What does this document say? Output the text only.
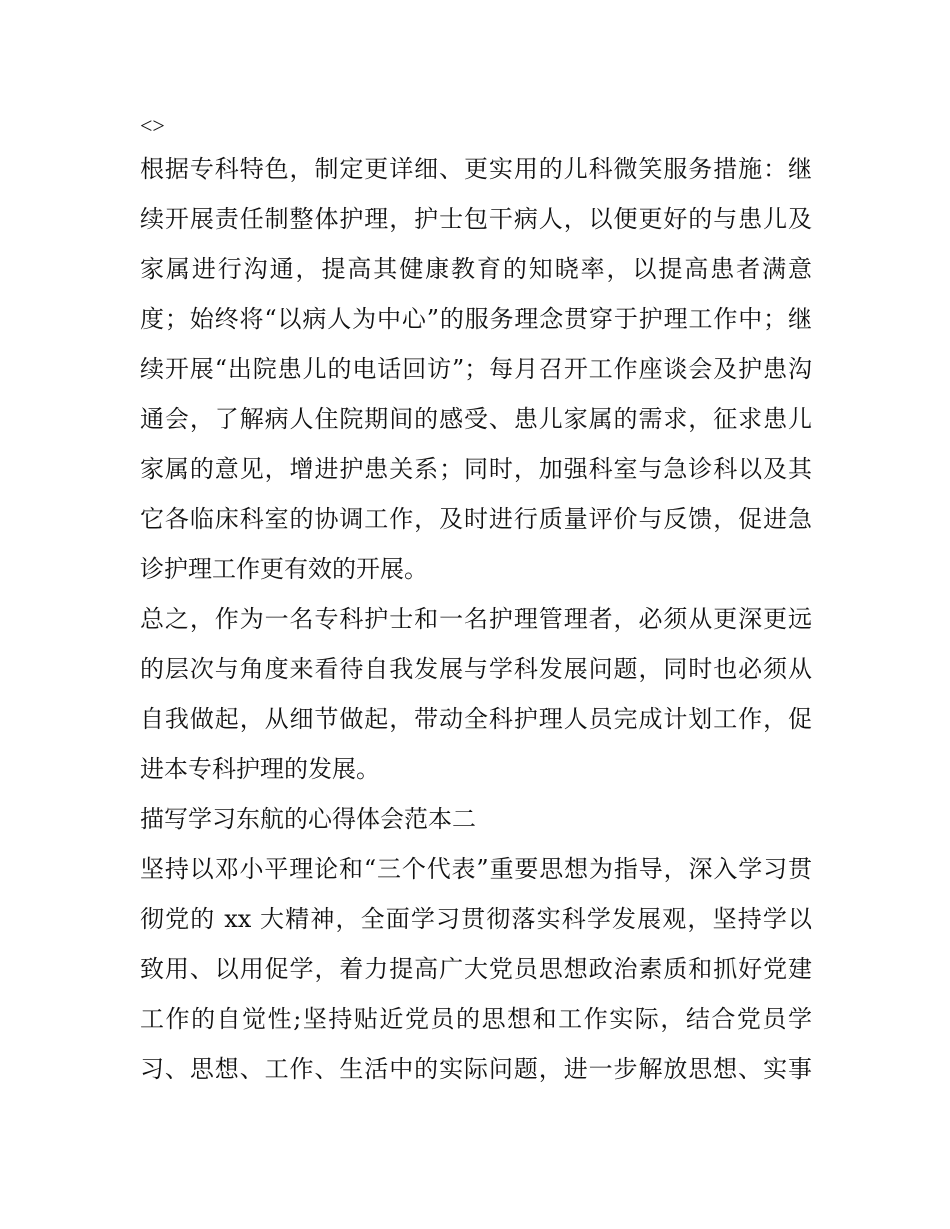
<>
根据专科特色，制定更详细、更实用的儿科微笑服务措施：继
续开展责任制整体护理，护士包干病人，以便更好的与患儿及
家属进行沟通，提高其健康教育的知晓率，以提高患者满意
度；始终将“以病人为中心”的服务理念贯穿于护理工作中；继
续开展“出院患儿的电话回访”；每月召开工作座谈会及护患沟
通会，了解病人住院期间的感受、患儿家属的需求，征求患儿
家属的意见，增进护患关系；同时，加强科室与急诊科以及其
它各临床科室的协调工作，及时进行质量评价与反馈，促进急
诊护理工作更有效的开展。
总之，作为一名专科护士和一名护理管理者，必须从更深更远
的层次与角度来看待自我发展与学科发展问题，同时也必须从
自我做起，从细节做起，带动全科护理人员完成计划工作，促
进本专科护理的发展。
描写学习东航的心得体会范本二
坚持以邓小平理论和“三个代表”重要思想为指导，深入学习贯
彻党的 xx 大精神，全面学习贯彻落实科学发展观，坚持学以
致用、以用促学，着力提高广大党员思想政治素质和抓好党建
工作的自觉性;坚持贴近党员的思想和工作实际，结合党员学
习、思想、工作、生活中的实际问题，进一步解放思想、实事
